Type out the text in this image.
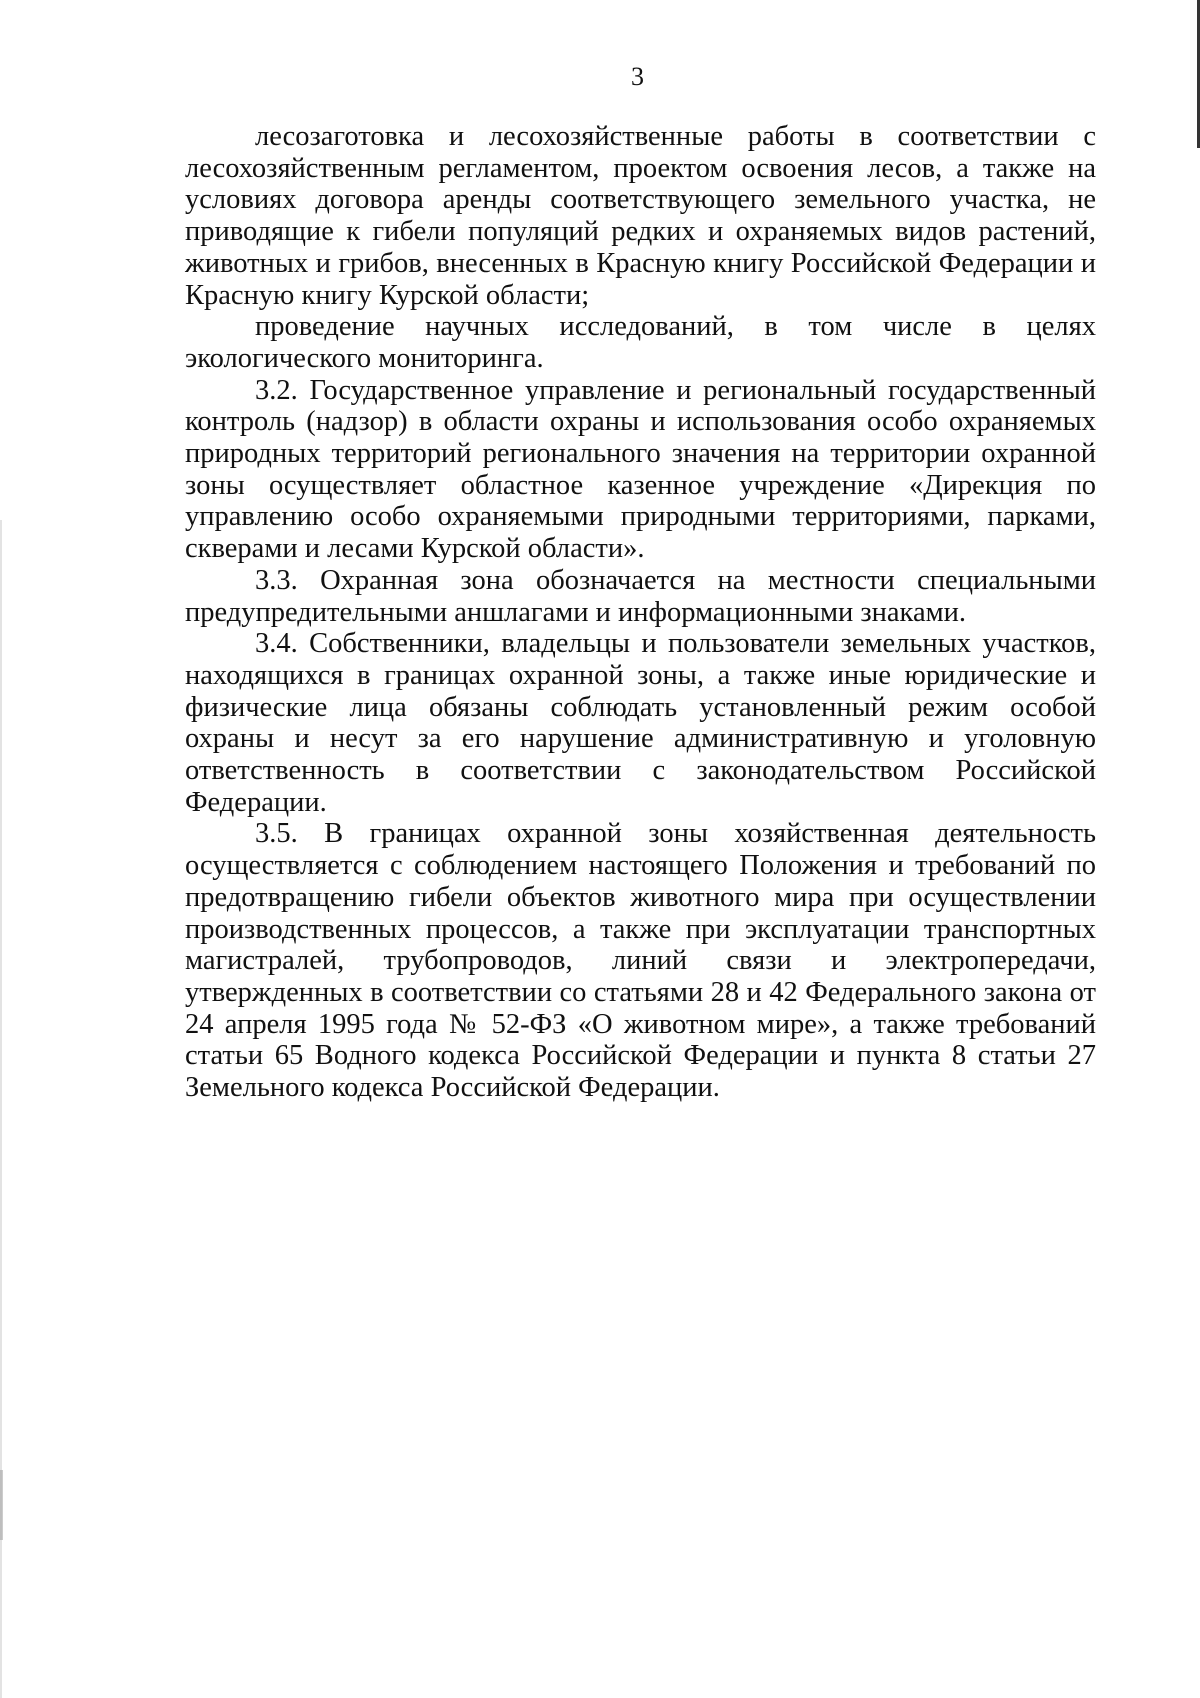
3

лесозаготовка и лесохозяйственные работы в соответствии с лесохозяйственным регламентом, проектом освоения лесов, а также на условиях договора аренды соответствующего земельного участка, не приводящие к гибели популяций редких и охраняемых видов растений, животных и грибов, внесенных в Красную книгу Российской Федерации и Красную книгу Курской области;

проведение научных исследований, в том числе в целях экологического мониторинга.

3.2. Государственное управление и региональный государственный контроль (надзор) в области охраны и использования особо охраняемых природных территорий регионального значения на территории охранной зоны осуществляет областное казенное учреждение «Дирекция по управлению особо охраняемыми природными территориями, парками, скверами и лесами Курской области».

3.3. Охранная зона обозначается на местности специальными предупредительными аншлагами и информационными знаками.

3.4. Собственники, владельцы и пользователи земельных участков, находящихся в границах охранной зоны, а также иные юридические и физические лица обязаны соблюдать установленный режим особой охраны и несут за его нарушение административную и уголовную ответственность в соответствии с законодательством Российской Федерации.

3.5. В границах охранной зоны хозяйственная деятельность осуществляется с соблюдением настоящего Положения и требований по предотвращению гибели объектов животного мира при осуществлении производственных процессов, а также при эксплуатации транспортных магистралей, трубопроводов, линий связи и электропередачи, утвержденных в соответствии со статьями 28 и 42 Федерального закона от 24 апреля 1995 года № 52-ФЗ «О животном мире», а также требований статьи 65 Водного кодекса Российской Федерации и пункта 8 статьи 27 Земельного кодекса Российской Федерации.
